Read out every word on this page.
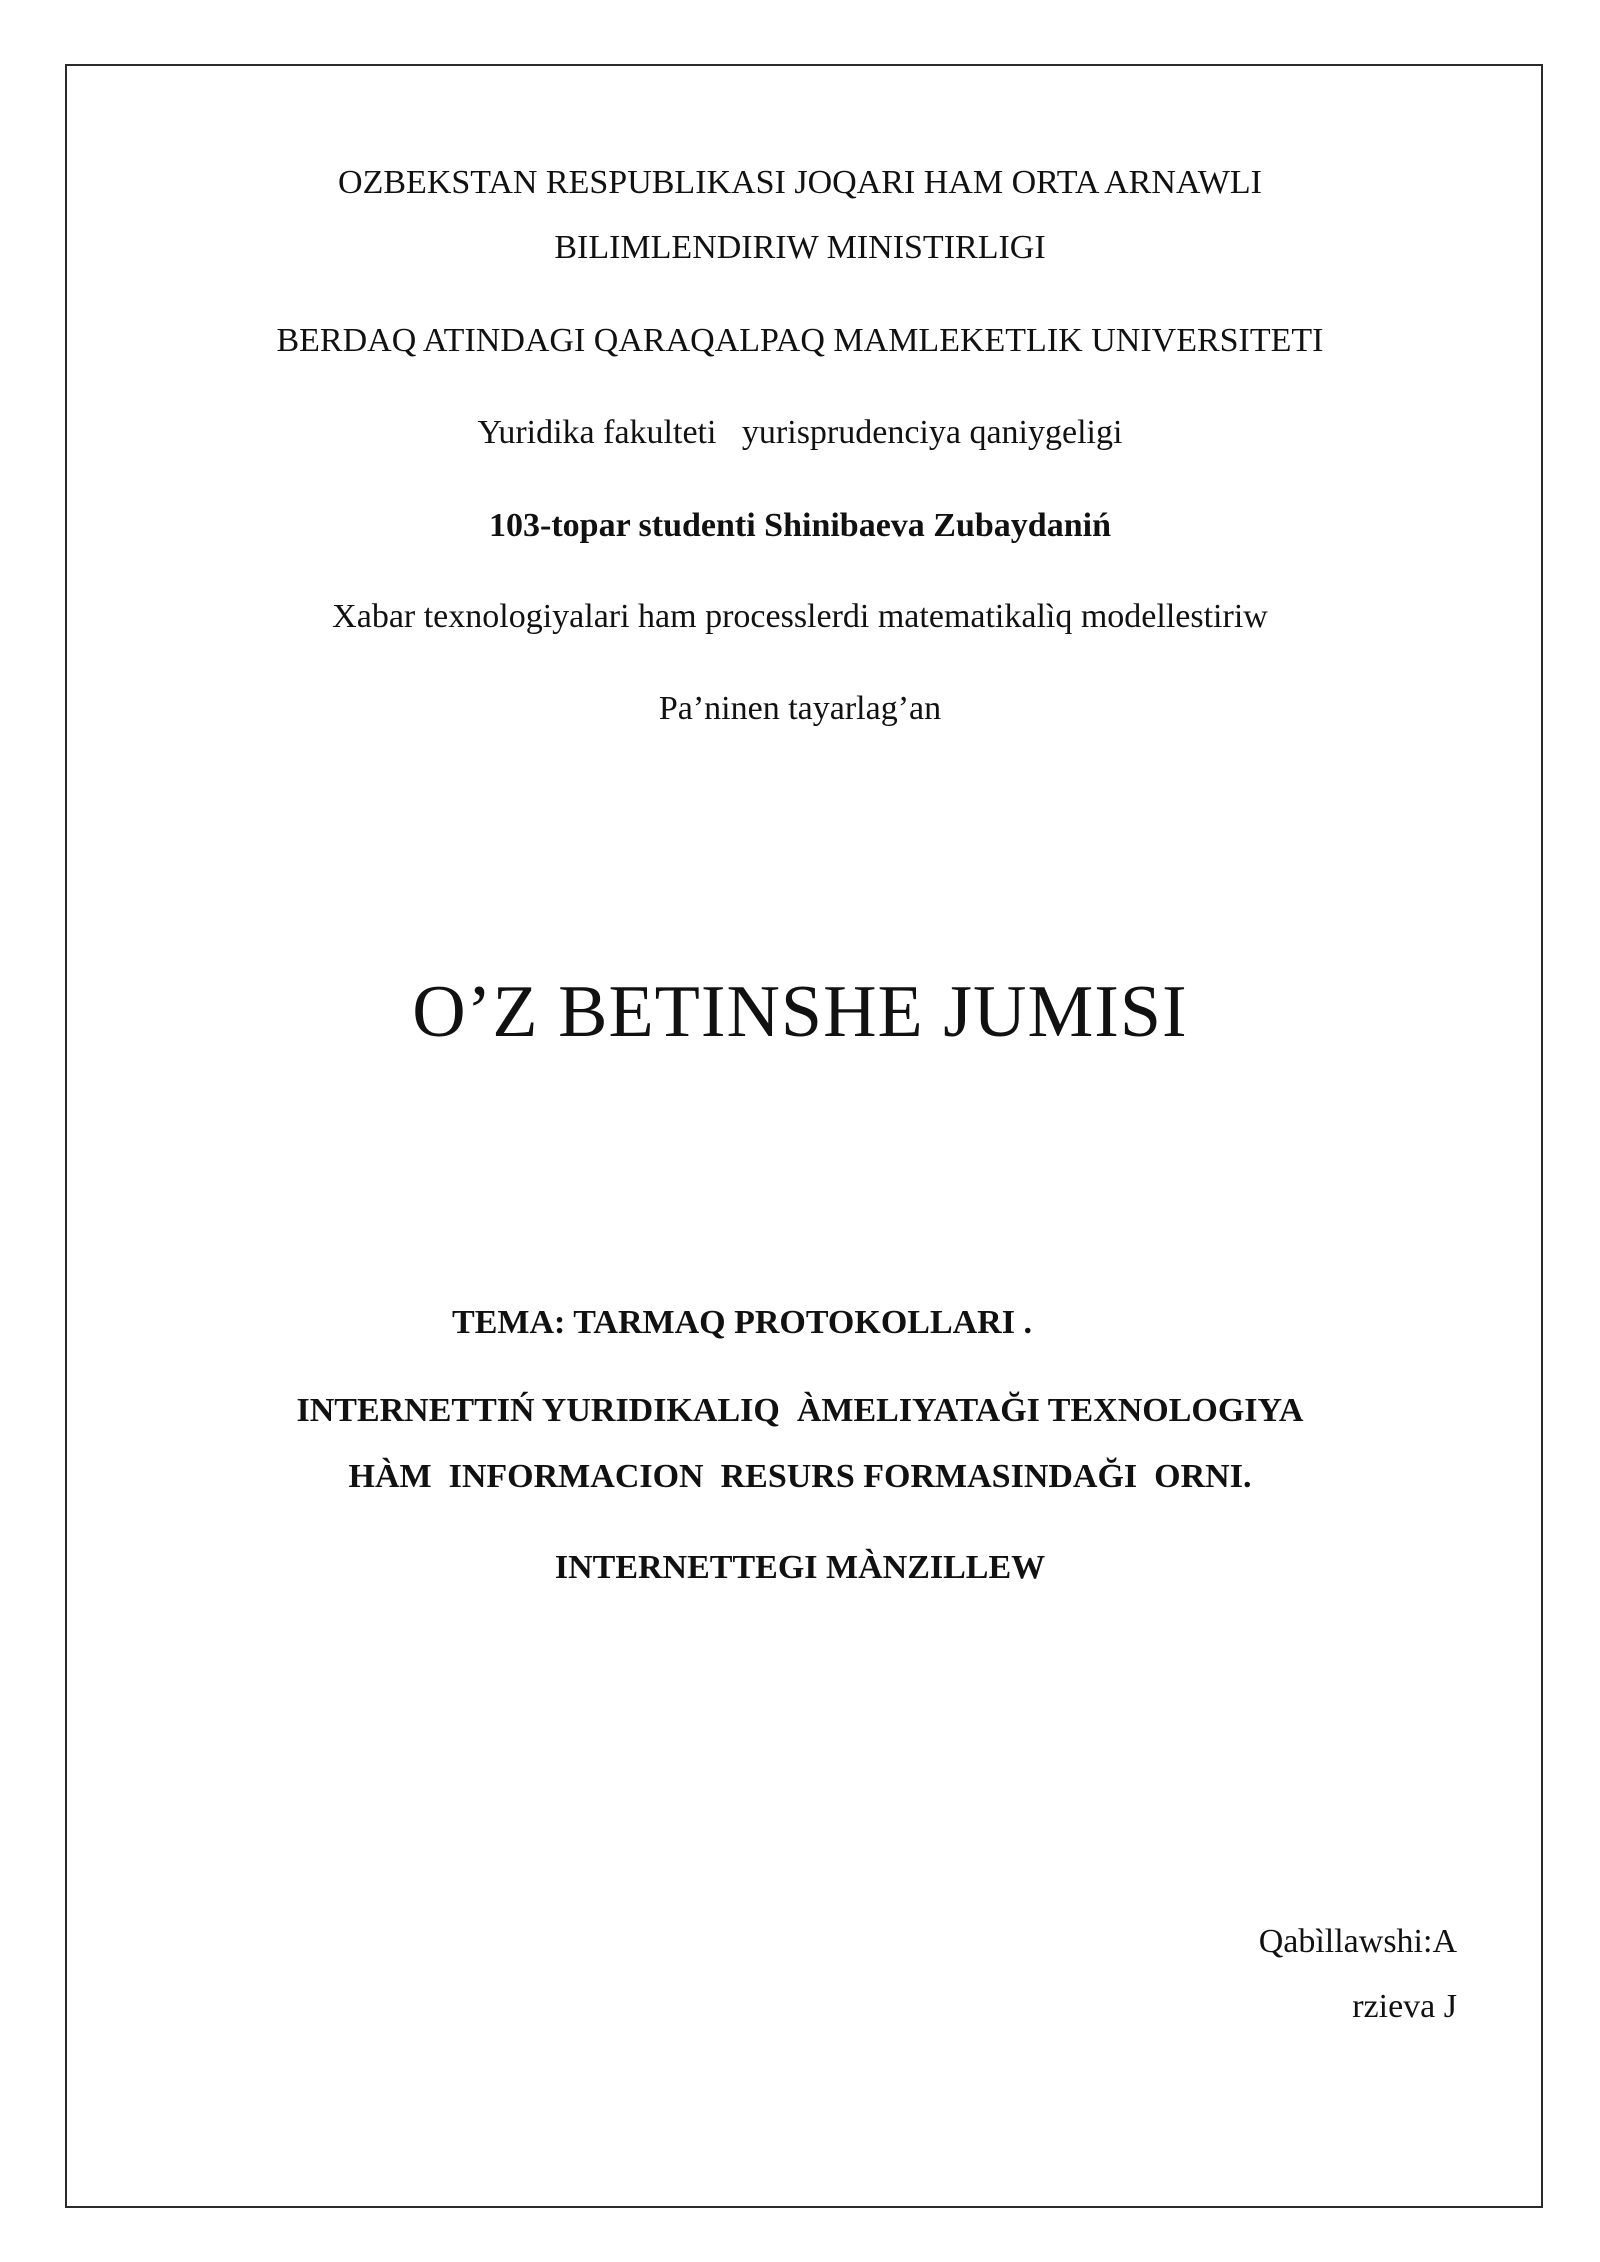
OZBEKSTAN RESPUBLIKASI JOQARI HAM ORTA ARNAWLI
BILIMLENDIRIW MINISTIRLIGI
BERDAQ ATINDAGI QARAQALPAQ MAMLEKETLIK UNIVERSITETI
Yuridika fakulteti   yurisprudenciya qaniygeligi
103-topar studenti Shinibaeva Zubaydaniń
Xabar texnologiyalari ham processlerdi matematikalìq modellestiriw
Pa’ninen tayarlag’an
O’Z BETINSHE JUMISI
TEMA: TARMAQ PROTOKOLLARI .
INTERNETTIŃ YURIDIKALIQ  ÀMELIYATAĞI TEXNOLOGIYA
HÀM  INFORMACION  RESURS FORMASINDAĞI  ORNI.
INTERNETTEGI MÀNZILLEW
Qabìllawshi:A
rzieva J
